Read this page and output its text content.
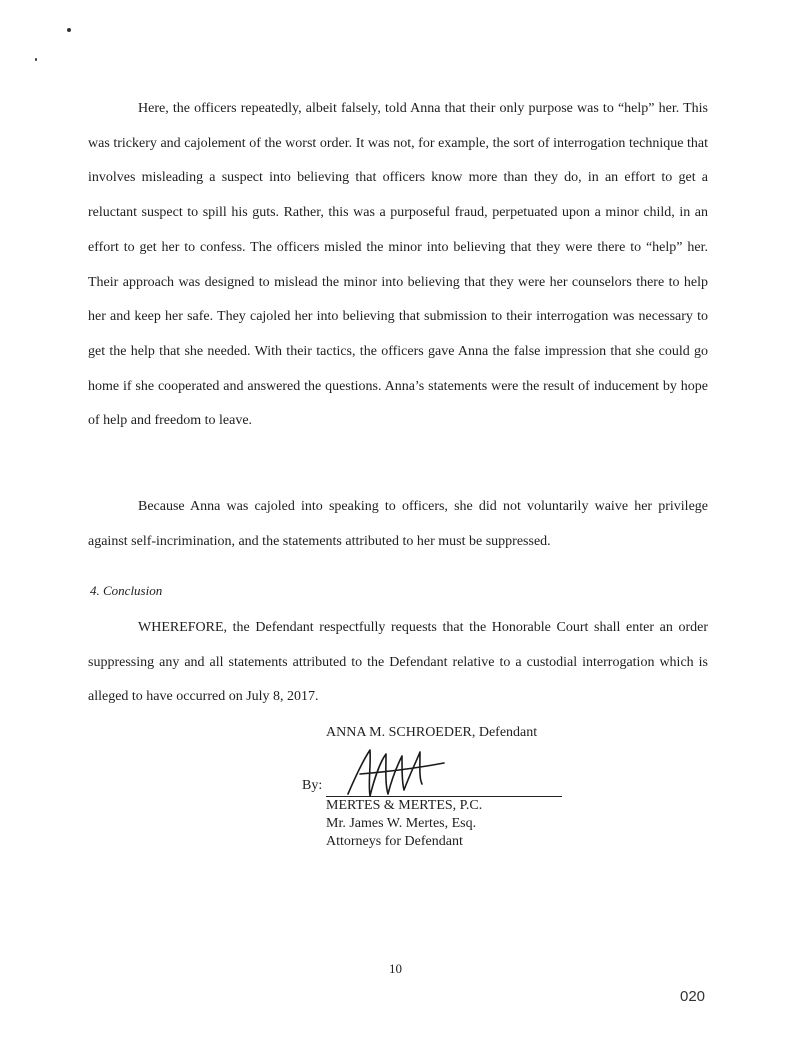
Here, the officers repeatedly, albeit falsely, told Anna that their only purpose was to “help” her. This was trickery and cajolement of the worst order. It was not, for example, the sort of interrogation technique that involves misleading a suspect into believing that officers know more than they do, in an effort to get a reluctant suspect to spill his guts. Rather, this was a purposeful fraud, perpetuated upon a minor child, in an effort to get her to confess. The officers misled the minor into believing that they were there to “help” her. Their approach was designed to mislead the minor into believing that they were her counselors there to help her and keep her safe. They cajoled her into believing that submission to their interrogation was necessary to get the help that she needed. With their tactics, the officers gave Anna the false impression that she could go home if she cooperated and answered the questions. Anna’s statements were the result of inducement by hope of help and freedom to leave.
Because Anna was cajoled into speaking to officers, she did not voluntarily waive her privilege against self-incrimination, and the statements attributed to her must be suppressed.
4. Conclusion
WHEREFORE, the Defendant respectfully requests that the Honorable Court shall enter an order suppressing any and all statements attributed to the Defendant relative to a custodial interrogation which is alleged to have occurred on July 8, 2017.
ANNA M. SCHROEDER, Defendant
By:
MERTES & MERTES, P.C.
Mr. James W. Mertes, Esq.
Attorneys for Defendant
10
020
